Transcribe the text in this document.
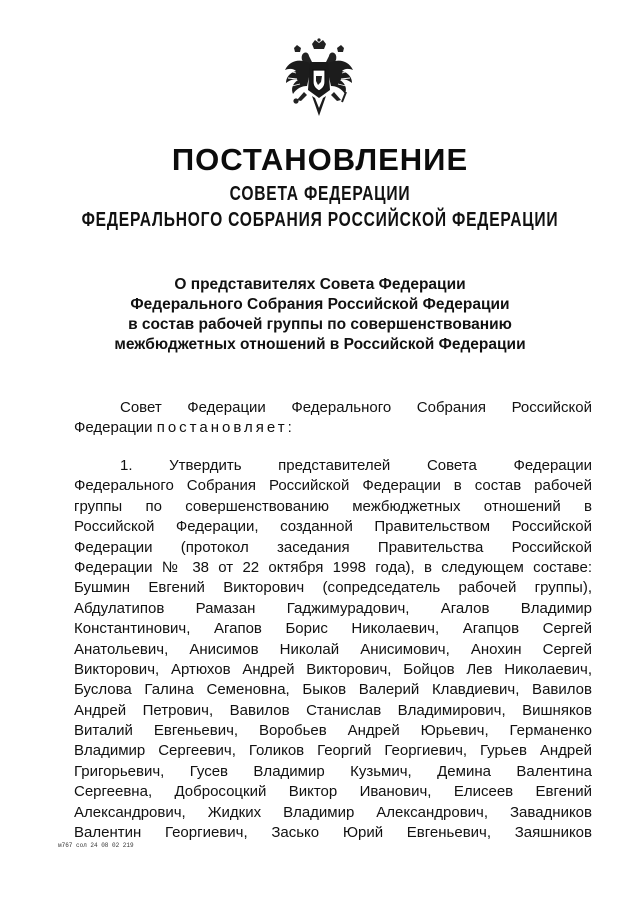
ПОСТАНОВЛЕНИЕ
СОВЕТА ФЕДЕРАЦИИ
ФЕДЕРАЛЬНОГО СОБРАНИЯ РОССИЙСКОЙ ФЕДЕРАЦИИ
О представителях Совета Федерации
Федерального Собрания Российской Федерации
в состав рабочей группы по совершенствованию
межбюджетных отношений в Российской Федерации
Совет Федерации Федерального Собрания Российской
Федерации постановляет:
1. Утвердить представителей Совета Федерации
Федерального Собрания Российской Федерации в состав рабочей
группы по совершенствованию межбюджетных отношений в
Российской Федерации, созданной Правительством Российской
Федерации (протокол заседания Правительства Российской
Федерации № 38 от 22 октября 1998 года), в следующем составе:
Бушмин Евгений Викторович (сопредседатель рабочей группы),
Абдулатипов Рамазан Гаджимурадович, Агалов Владимир
Константинович, Агапов Борис Николаевич, Агапцов Сергей
Анатольевич, Анисимов Николай Анисимович, Анохин Сергей
Викторович, Артюхов Андрей Викторович, Бойцов Лев Николаевич,
Буслова Галина Семеновна, Быков Валерий Клавдиевич, Вавилов
Андрей Петрович, Вавилов Станислав Владимирович, Вишняков
Виталий Евгеньевич, Воробьев Андрей Юрьевич, Германенко
Владимир Сергеевич, Голиков Георгий Георгиевич, Гурьев Андрей
Григорьевич, Гусев Владимир Кузьмич, Демина Валентина
Сергеевна, Добросоцкий Виктор Иванович, Елисеев Евгений
Александрович, Жидких Владимир Александрович, Завадников
Валентин Георгиевич, Засько Юрий Евгеньевич, Заяшников
м767 сол 24 08 02 219
